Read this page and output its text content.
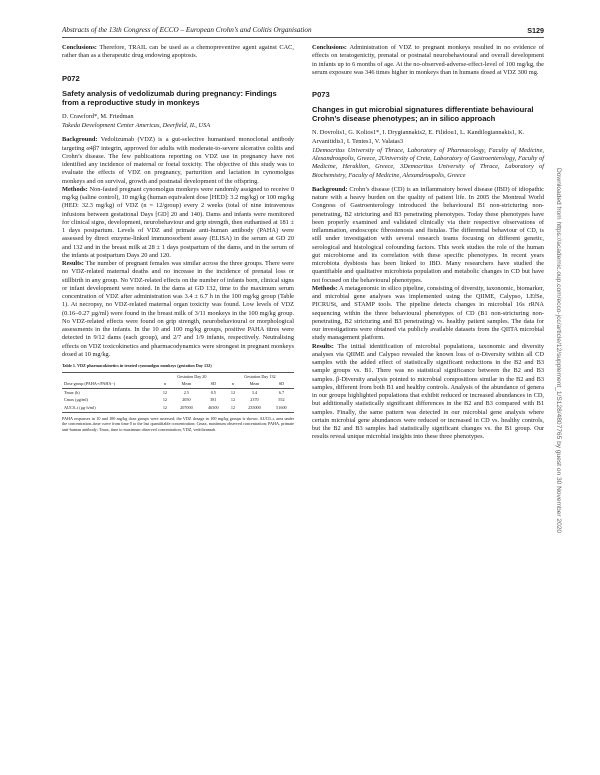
Abstracts of the 13th Congress of ECCO – European Crohn’s and Colitis Organisation	S129

Conclusions: Therefore, TRAIL can be used as a chemopreventive agent against CAC, rather than as a therapeutic drug endowing apoptosis.

P072
Safety analysis of vedolizumab during pregnancy: Findings from a reproductive study in monkeys
D. Crawford*, M. Friedman
Takeda Development Center Americas, Deerfield, IL, USA

Background: Vedolizumab (VDZ) is a gut-selective humanised monoclonal antibody targeting α4β7 integrin, approved for adults with moderate-to-severe ulcerative colitis and Crohn’s disease. The few publications reporting on VDZ use in pregnancy have not identified any incidence of maternal or foetal toxicity. The objective of this study was to evaluate the effects of VDZ on pregnancy, parturition and lactation in cynomolgus monkeys and on survival, growth and postnatal development of the offspring.

Methods: Non-fasted pregnant cynomolgus monkeys were randomly assigned to receive 0 mg/kg (saline control), 10 mg/kg (human equivalent dose [HED]: 3.2 mg/kg) or 100 mg/kg (HED: 32.3 mg/kg) of VDZ (n = 12/group) every 2 weeks (total of nine intravenous infusions between gestational Days [GD] 20 and 140). Dams and infants were monitored for clinical signs, development, neurobehaviour and grip strength, then euthanised at 181 ± 1 days postpartum. Levels of VDZ and primate anti-human antibody (PAHA) were assessed by direct enzyme-linked immunosorbent assay (ELISA) in the serum at GD 20 and 132 and in the breast milk at 28 ± 1 days postpartum of the dams, and in the serum of the infants at postpartum Days 20 and 120.

Results: The number of pregnant females was similar across the three groups. There were no VDZ-related maternal deaths and no increase in the incidence of prenatal loss or stillbirth in any group. No VDZ-related effects on the number of infants born, clinical signs or infant development were noted. In the dams at GD 132, time to the maximum serum concentration of VDZ after administration was 3.4 ± 6.7 h in the 100 mg/kg group (Table 1). At necropsy, no VDZ-related maternal organ toxicity was found. Low levels of VDZ (0.16–0.27 µg/ml) were found in the breast milk of 3/11 monkeys in the 100 mg/kg group. No VDZ-related effects were found on grip strength, neurobehavioural or morphological assessments in the infants. In the 10 and 100 mg/kg groups, positive PAHA titres were detected in 9/12 dams (each group), and 2/7 and 1/9 infants, respectively. Neutralising effects on VDZ toxicokinetics and pharmacodynamics were strongest in pregnant monkeys dosed at 10 mg/kg.

Table 1. VDZ pharmacokinetics in treated cynomolgus monkeys (gestation Day 132)
	Gestation Day 20			Gestation Day 132		
Dose group (PAHA+/PAHA−)	n	Mean	SD	n	Mean	SD
Tmax (h)	12	2.5	0.5	12	3.4	6.7
Cmax (µg/ml)	12	2050	381	12	2370	552
AUC0–t (µg·h/ml)	12	207000	46500	12	235000	51600
PAHA responses in 10 and 100 mg/kg dose groups were assessed; the VDZ dosage in 100 mg/kg groups is shown. AUC0–t, area under the concentration–time curve from time 0 to the last quantifiable concentration; Cmax, maximum observed concentration; PAHA, primate anti-human antibody; Tmax, time to maximum observed concentration; VDZ, vedolizumab.

Conclusions: Administration of VDZ to pregnant monkeys resulted in no evidence of effects on teratogenicity, prenatal or postnatal neurobehavioural and overall development in infants up to 6 months of age. At the no-observed-adverse-effect-level of 100 mg/kg, the serum exposure was 346 times higher in monkeys than in humans dosed at VDZ 300 mg.

P073
Changes in gut microbial signatures differentiate behavioural Crohn’s disease phenotypes; an in silico approach
N. Dovrolis1, G. Kolios1*, I. Drygiannakis2, E. Filidou1, L. Kandilogiannakis1, K. Arvanitidis1, I. Tentes1, V. Valatas3
1Democritus University of Thrace, Laboratory of Pharmacology, Faculty of Medicine, Alexandroupolis, Greece, 2University of Crete, Laboratory of Gastroenterology, Faculty of Medicine, Heraklion, Greece, 3Democritus University of Thrace, Laboratory of Biochemistry, Faculty of Medicine, Alexandroupolis, Greece

Background: Crohn’s disease (CD) is an inflammatory bowel disease (IBD) of idiopathic nature with a heavy burden on the quality of patient life. In 2005 the Montreal World Congress of Gastroenterology introduced the behavioural B1 non-stricturing non-penetrating, B2 stricturing and B3 penetrating phenotypes. Today these phenotypes have been properly examined and validated clinically via their respective observations of inflammation, endoscopic fibrostenosis and fistulas. The differential behaviour of CD, is still under investigation with several research teams focusing on different genetic, serological and histological cofounding factors. This work studies the role of the human gut microbiome and its correlation with these specific phenotypes. In recent years microbiota dysbiosis has been linked to IBD. Many researchers have studied the quantifiable and qualitative microbiota population and metabolic changes in CD but have not focused on the behavioural phenotypes.

Methods: A metagenomic in silico pipeline, consisting of diversity, taxonomic, biomarker, and microbial gene analyses was implemented using the QIIME, Calypso, LEfSe, PICRUSt, and STAMP tools. The pipeline detects changes in microbial 16s rRNA sequencing within the three behavioural phenotypes of CD (B1 non-stricturing non-penetrating, B2 stricturing and B3 penetrating) vs. healthy patient samples. The data for our investigations were obtained via publicly available datasets from the QIITA microbial study management platform.

Results: The initial identification of microbial populations, taxonomic and diversity analyses via QIIME and Calypso revealed the known loss of α-Diversity within all CD samples with the added effect of statistically significant reductions in the B2 and B3 sample groups vs. B1. There was no statistical significance between the B2 and B3 samples. β-Diversity analysis pointed to microbial compositions similar in the B2 and B3 samples, different from both B1 and healthy controls. Analysis of the abundance of genera in our groups highlighted populations that exhibit reduced or increased abundances in CD, but additionally statistically significant differences in the B2 and B3 compared with B1 samples. Finally, the same pattern was detected in our microbial gene analysis where certain microbial gene abundances were reduced or increased in CD vs. healthy controls, but the B2 and B3 samples had statistically significant changes vs. the B1 group. Our results reveal unique microbial insights into these three phenotypes.	Downloaded from https://academic.oup.com/ecco-jcc/article/12/supplement_1/S128/4807765 by guest on 30 November 2020
